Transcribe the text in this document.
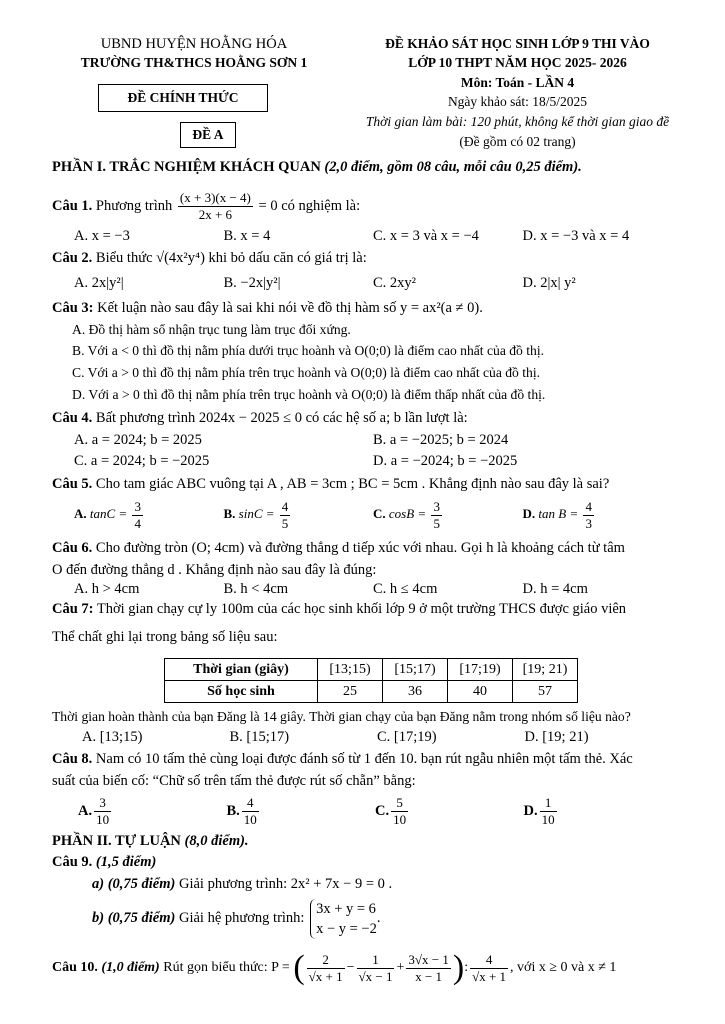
UBND HUYỆN HOẰNG HÓA
TRƯỜNG TH&THCS HOẰNG SƠN 1
ĐỀ CHÍNH THỨC
ĐỀ A
ĐỀ KHẢO SÁT HỌC SINH LỚP 9 THI VÀO
LỚP 10 THPT NĂM HỌC 2025- 2026
Môn: Toán - LẦN 4
Ngày khảo sát: 18/5/2025
Thời gian làm bài: 120 phút, không kể thời gian giao đề
(Đề gồm có 02 trang)
PHẦN I. TRẮC NGHIỆM KHÁCH QUAN (2,0 điểm, gồm 08 câu, mỗi câu 0,25 điểm).
Câu 1. Phương trình $\frac{(x + 3)(x - 4)}{2x + 6} = 0$ có nghiệm là:
A. x = −3	B. x = 4	C. x = 3 và x = −4	D. x = −3 và x = 4
Câu 2. Biểu thức √(4x²y⁴) khi bỏ dấu căn có giá trị là:
A. 2x|y²|	B. −2x|y²|	C. 2xy²	D. 2|x| y²
Câu 3: Kết luận nào sau đây là sai khi nói về đồ thị hàm số y = ax²(a ≠ 0).
A. Đồ thị hàm số nhận trục tung làm trục đối xứng.
B. Với a < 0 thì đồ thị nằm phía dưới trục hoành và O(0;0) là điểm cao nhất của đồ thị.
C. Với a > 0 thì đồ thị nằm phía trên trục hoành và O(0;0) là điểm cao nhất của đồ thị.
D. Với a > 0 thì đồ thị nằm phía trên trục hoành và O(0;0) là điểm thấp nhất của đồ thị.
Câu 4. Bất phương trình 2024x − 2025 ≤ 0 có các hệ số a; b lần lượt là:
A. a = 2024; b = 2025	B. a = −2025; b = 2024
C. a = 2024; b = −2025	D. a = −2024; b = −2025
Câu 5. Cho tam giác ABC vuông tại A , AB = 3cm ; BC = 5cm . Khẳng định nào sau đây là sai?
A. $\tan C = \frac{3}{4}$	B. $\sin C = \frac{4}{5}$	C. $\cos B = \frac{3}{5}$	D. $\tan B = \frac{4}{3}$
Câu 6. Cho đường tròn (O; 4cm) và đường thẳng d tiếp xúc với nhau. Gọi h là khoảng cách từ tâm
O đến đường thẳng d . Khẳng định nào sau đây là đúng:
A. h > 4cm	B. h < 4cm	C. h ≤ 4cm	D. h = 4cm
Câu 7: Thời gian chạy cự ly 100m của các học sinh khối lớp 9 ở một trường THCS được giáo viên
Thể chất ghi lại trong bảng số liệu sau:
Thời gian (giây)	[13;15)	[15;17)	[17;19)	[19; 21)
Số học sinh	25	36	40	57
Thời gian hoàn thành của bạn Đăng là 14 giây. Thời gian chạy của bạn Đăng nằm trong nhóm số liệu nào?
A. [13;15)	B. [15;17)	C. [17;19)	D. [19; 21)
Câu 8. Nam có 10 tấm thẻ cùng loại được đánh số từ 1 đến 10. bạn rút ngẫu nhiên một tấm thẻ. Xác
suất của biến cố: “Chữ số trên tấm thẻ được rút số chẵn” bằng:
A. $\frac{3}{10}$	B. $\frac{4}{10}$	C. $\frac{5}{10}$	D. $\frac{1}{10}$
PHẦN II. TỰ LUẬN (8,0 điểm).
Câu 9. (1,5 điểm)
a) (0,75 điểm) Giải phương trình: 2x² + 7x − 9 = 0 .
b) (0,75 điểm) Giải hệ phương trình:
3x + y = 6
x − y = −2
.
Câu 10. (1,0 điểm) Rút gọn biểu thức: P = ( $\frac{2}{√x + 1} - \frac{1}{√x - 1} + \frac{3√x - 1}{x - 1}$ ): $\frac{4}{√x + 1}$ , với x ≥ 0 và x ≠ 1
